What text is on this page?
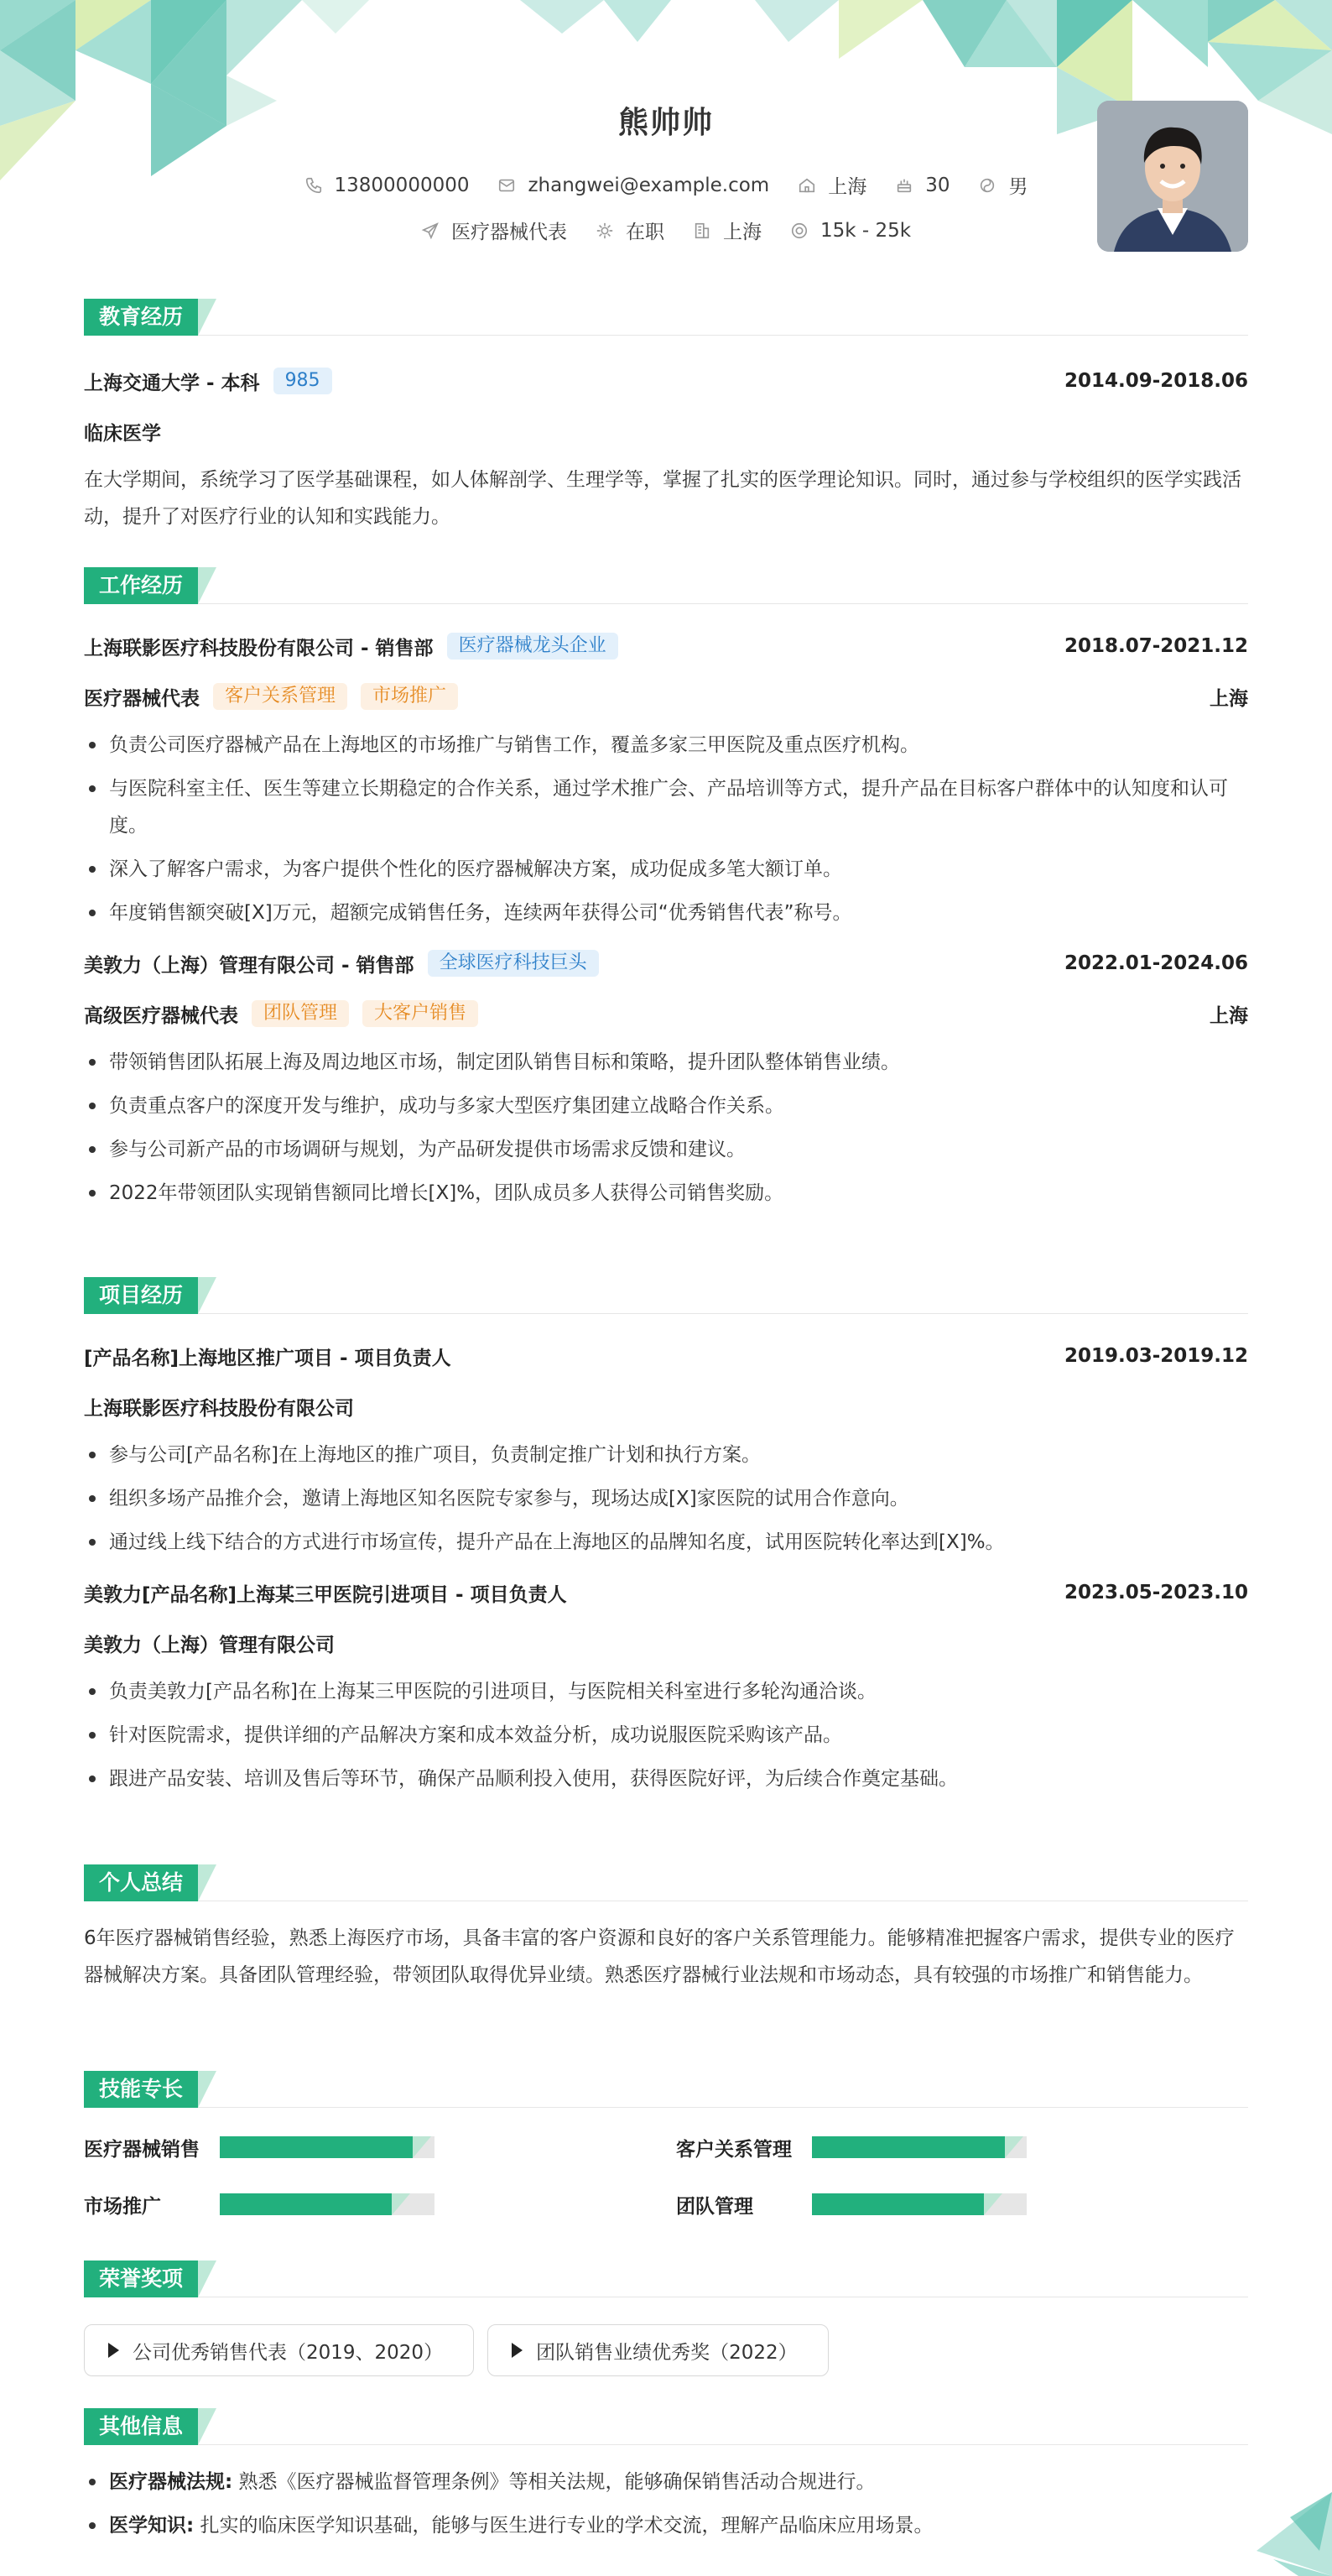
熊帅帅
13800000000	zhangwei@example.com	上海	30	男
医疗器械代表	在职	上海	15k - 25k
教育经历
上海交通大学 - 本科	985	2014.09-2018.06
临床医学

在大学期间，系统学习了医学基础课程，如人体解剖学、生理学等，掌握了扎实的医学理论知识。同时，通过参与学校组织的医学实践活动，提升了对医疗行业的认知和实践能力。

工作经历
上海联影医疗科技股份有限公司 - 销售部	医疗器械龙头企业	2018.07-2021.12
医疗器械代表	客户关系管理	市场推广	上海
负责公司医疗器械产品在上海地区的市场推广与销售工作，覆盖多家三甲医院及重点医疗机构。
与医院科室主任、医生等建立长期稳定的合作关系，通过学术推广会、产品培训等方式，提升产品在目标客户群体中的认知度和认可度。
深入了解客户需求，为客户提供个性化的医疗器械解决方案，成功促成多笔大额订单。
年度销售额突破[X]万元，超额完成销售任务，连续两年获得公司“优秀销售代表”称号。
美敦力（上海）管理有限公司 - 销售部	全球医疗科技巨头	2022.01-2024.06
高级医疗器械代表	团队管理	大客户销售	上海
带领销售团队拓展上海及周边地区市场，制定团队销售目标和策略，提升团队整体销售业绩。
负责重点客户的深度开发与维护，成功与多家大型医疗集团建立战略合作关系。
参与公司新产品的市场调研与规划，为产品研发提供市场需求反馈和建议。
2022年带领团队实现销售额同比增长[X]%，团队成员多人获得公司销售奖励。
项目经历
[产品名称]上海地区推广项目 - 项目负责人	2019.03-2019.12
上海联影医疗科技股份有限公司
参与公司[产品名称]在上海地区的推广项目，负责制定推广计划和执行方案。
组织多场产品推介会，邀请上海地区知名医院专家参与，现场达成[X]家医院的试用合作意向。
通过线上线下结合的方式进行市场宣传，提升产品在上海地区的品牌知名度，试用医院转化率达到[X]%。
美敦力[产品名称]上海某三甲医院引进项目 - 项目负责人	2023.05-2023.10
美敦力（上海）管理有限公司
负责美敦力[产品名称]在上海某三甲医院的引进项目，与医院相关科室进行多轮沟通洽谈。
针对医院需求，提供详细的产品解决方案和成本效益分析，成功说服医院采购该产品。
跟进产品安装、培训及售后等环节，确保产品顺利投入使用，获得医院好评，为后续合作奠定基础。
个人总结

6年医疗器械销售经验，熟悉上海医疗市场，具备丰富的客户资源和良好的客户关系管理能力。能够精准把握客户需求，提供专业的医疗器械解决方案。具备团队管理经验，带领团队取得优异业绩。熟悉医疗器械行业法规和市场动态，具有较强的市场推广和销售能力。

技能专长
医疗器械销售	客户关系管理
市场推广	团队管理
荣誉奖项
公司优秀销售代表（2019、2020）	团队销售业绩优秀奖（2022）
其他信息
医疗器械法规: 熟悉《医疗器械监督管理条例》等相关法规，能够确保销售活动合规进行。
医学知识: 扎实的临床医学知识基础，能够与医生进行专业的学术交流，理解产品临床应用场景。
